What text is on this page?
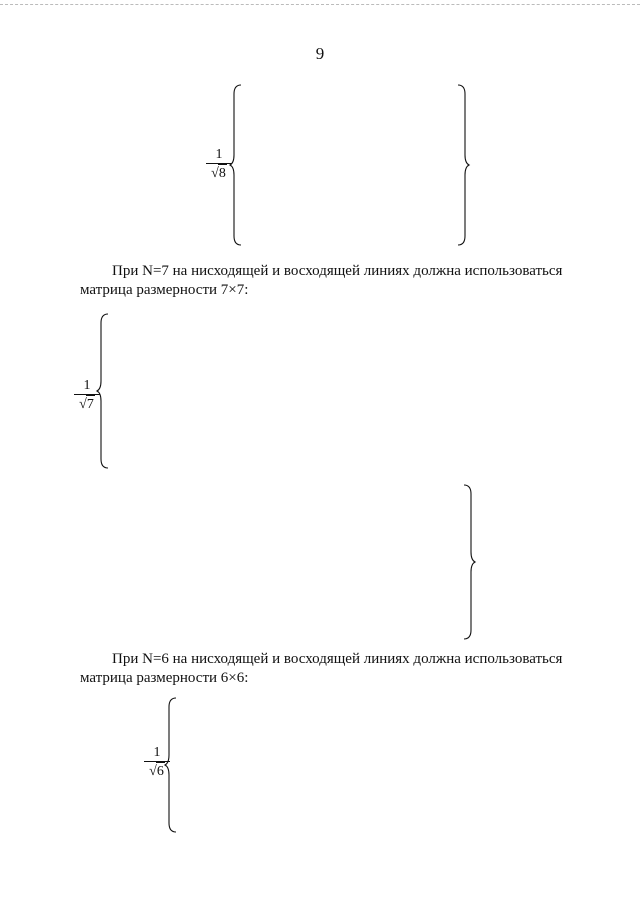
9
$\frac{1}{√8}$
При N=7 на нисходящей и восходящей линиях должна использоваться
матрица размерности 7×7:
$\frac{1}{√7}$
При N=6 на нисходящей и восходящей линиях должна использоваться
матрица размерности 6×6:
$\frac{1}{√6}$
